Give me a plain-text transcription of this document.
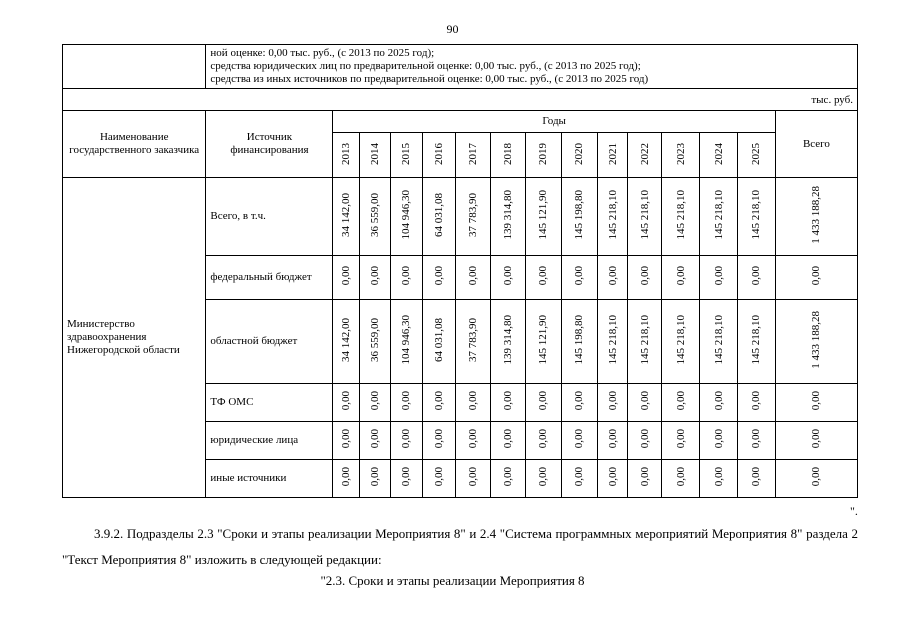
90

	ной оценке: 0,00 тыс. руб., (с 2013 по 2025 год);
средства юридических лиц по предварительной оценке: 0,00 тыс. руб., (с 2013 по 2025 год);
средства из иных источников по предварительной оценке: 0,00 тыс. руб., (с 2013 по 2025 год)														

тыс. руб.															
Наименование государственного заказчика	Источник финансирования	Годы													Всего
		2013	2014	2015	2016	2017	2018	2019	2020	2021	2022	2023	2024	2025	
Министерство здравоохранения Нижегородской области	Всего, в т.ч.	34 142,00	36 559,00	104 946,30	64 031,08	37 783,90	139 314,80	145 121,90	145 198,80	145 218,10	145 218,10	145 218,10	145 218,10	145 218,10	1 433 188,28
	федеральный бюджет	0,00	0,00	0,00	0,00	0,00	0,00	0,00	0,00	0,00	0,00	0,00	0,00	0,00	0,00
	областной бюджет	34 142,00	36 559,00	104 946,30	64 031,08	37 783,90	139 314,80	145 121,90	145 198,80	145 218,10	145 218,10	145 218,10	145 218,10	145 218,10	1 433 188,28
	ТФ ОМС	0,00	0,00	0,00	0,00	0,00	0,00	0,00	0,00	0,00	0,00	0,00	0,00	0,00	0,00
	юридические лица	0,00	0,00	0,00	0,00	0,00	0,00	0,00	0,00	0,00	0,00	0,00	0,00	0,00	0,00
	иные источники	0,00	0,00	0,00	0,00	0,00	0,00	0,00	0,00	0,00	0,00	0,00	0,00	0,00	0,00
".

3.9.2. Подразделы 2.3 "Сроки и этапы реализации Мероприятия 8" и 2.4 "Система программных мероприятий Мероприятия 8" раздела 2 "Текст Мероприятия 8" изложить в следующей редакции:

"2.3. Сроки и этапы реализации Мероприятия 8
